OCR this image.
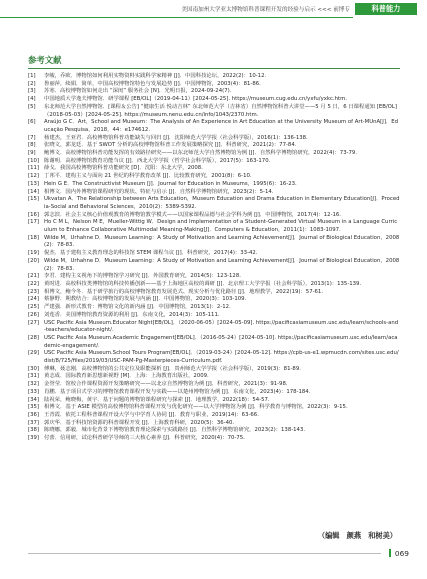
美国南加州大学亚太博物馆科普课程开发的经验与启示 <<< 前博专	科普能力
参考文献
[1] 李峻，乔欧．博物馆如何利用实物资料实践科学家精神 [J]．中国科技论坛，2022(2)：10-12.
[2] 鲁丽萍，续娟．简单，中国高校博物馆特色与发展趋势 [J]．中国博物馆，2003(4)：81-86.
[3] 苏寒．高校博物馆如何走出 “深闺” 服务社会 [N]．光明日报，2024-09-24(7).
[4] 中国地质大学逸夫博物馆．研学课程 [EB/OL]（2019-04-11）[2024-05-25]. https://museum.cug.edu.cn/yxfu/yxkc.htm.
[5] 东北师范大学自然博物馆．[课程＆公告] “健康生活 悦动吉林” 东北师范大学（吉林省）自然博物馆科普大讲堂——5 月 5 日，6 日课程通知 [EB/OL]（2018-05-03）[2024-05-25]. https://museum.nenu.edu.cn/info/1043/2370.htm.
[6] Araújo G C．Art，School and Museum：The Analysis of An Experience in Art Education at the University Museum of Art-MUnA[J]．Educação Pesquisa，2018，44：e174612.
[7] 杨建杰，王亚君．高校博物馆科普功能缺失与回归 [J]．沈阳师范大学学报（社会科学版），2016(1)：136-138.
[8] 张晓文，郭龙廷．基于 SWOT 分析的高校博物馆科普工作发展策略探究 [J]．科普研究，2021(2)：77-84.
[9] 鲍博文．高校博物馆科普功能发挥的有效路径研究——以东北师范大学自然博物馆为例 [J]．自然科学博物馆研究，2022(4)：73-79.
[10] 陈谢明．高校博物馆教育功能刍议 [J]．西北大学学报（哲学社会科学版），2017(5)：163-170.
[11] 薛戈．我国高校博物馆科普功能研究 [D]．沈阳：东北大学，2008.
[12] 丁邦平．建构主义与面向 21 世纪的科学教育改革 [J]．比较教育研究，2001(8)：6-10.
[13] Hein G E．The Constructivist Museum [J]．Journal for Education in Museums，1995(6)：16-23.
[14] 相博文．国内外博物馆课程研究的现状、特征与启示 [J]．自然科学博物馆研究，2023(2)：5-14.
[15] Ukvatan A．The Relationship between Arts Education，Museum Education and Drama Education in Elementary Education[J]．Procedia-Social and Behavioral Sciences，2010(2)：5389-5392.
[16] 郭志滨．社会主义核心价值观教育的博物馆教学模式——以国家课程品德与社会学科为例 [J]．中国博物馆，2017(4)：12-16.
[17] Ho C M L，Nelson M E，Mueller-Wittig W．Design and Implementation of a Student-Generated Virtual Museum in a Language Curriculum to Enhance Collaborative Multimodal Meaning-Making[J]．Computers & Education，2011(1)：1083-1097.
[18] Wilde M，Urhahne D．Museum Learning：A Study of Motivation and Learning Achievement[J]．Journal of Biological Education，2008(2)：78-83.
[19] 倪杰．基于建构主义教育理念的科技馆 STEM 课程刍议 [J]．科普研究，2017(4)：33-42.
[20] Wilde M，Urhahne D．Museum Learning：A Study of Motivation and Learning Achievement[J]．Journal of Biological Education，2008(2)：78-83.
[21] 李君．建构主义视角下的博物馆学习研究 [J]．外国教育研究，2014(5)：123-128.
[22] 黄时进．高校科技类博物馆的科技传播创新——基于上海地区高校的调研 [J]．北京理工大学学报（社会科学版），2013(1)：135-139.
[23] 相博文，鲍今冬．基于研学旅行的高校博物馆教育发展范式、现实分析与优化路径 [J]．地理教学，2022(19)：57-61.
[24] 蔡静野．期教结合：高校博物馆的发展与内涵 [J]．中国博物馆，2020(3)：103-109.
[25] 严建强．新形式教育：博物馆文化的新内涵 [J]．中国博物馆，2013(1)：2-12.
[26] 刘莲香．美国博物馆教育资源的利用 [J]．东南文化，2014(3)：105-111.
[27] USC Pacific Asia Museum.Educator Night[EB/OL]．（2020-06-05）[2024-05-09]. https://pacificasiamuseum.usc.edu/learn/schools-and-teachers/educator-night/.
[28] USC Pacific Asia Museum.Academic Engagement[EB/OL]．（2016-05-24）[2024-05-10]. https://pacificasiamuseum.usc.edu/learn/academic-engagement/.
[29] USC Pacific Asia Museum.School Tours Program[EB/OL]．（2019-03-24）[2024-05-12]. https://cpb-us-e1.wpmucdn.com/sites.usc.edu/dist/8/725/files/2019/03/USC-PAM-Pg-Masterpieces-Curriculum.pdf.
[30] 傅琳，聂志刚．高校博物馆的公共定位及职能探析 [J]．贵州师范大学学报（社会科学版），2019(3)：81-89.
[31] 黄志成．国际教育新思想新视野 [M]．上海：上海教育出版社，2009.
[32] 金誉莹．馆校合作课程资源开发策略研究——以北京自然博物馆为例 [J]．科普研究，2021(3)：91-98.
[33] 肖鹏．基于项目式学习的博物馆教育课程开发与实践——以楚州博物馆为例 [J]．东南文化，2023(4)：178-184.
[34] 陆祝荣，鲍晓梅，黄宇．基于问题的博物馆课程研究与探索 [J]．地理教学，2022(18)：54-57.
[35] 相博文．基于 ASIE 模型的高校博物馆科普课程开发与优化研究——以大学博物馆为例 [J]．科学教育与博物馆，2022(3)：9-15.
[36] 王青霞．依托工程科普课程开设大学与中学育人协同 [J]．教育与职业，2019(14)：63-66.
[37] 郭庆华．基于科技馆资源的科普课程开发 [J]．上海教育科研，2020(5)：36-40.
[38] 陈晓娜，郭毅．城市化背景下博物馆教育理论探索与实践路径 [J]．自然科学博物馆研究，2023(2)：138-143.
[39] 付蕾．信用研，试论科普研学导师的三大核心素养 [J]．科普研究，2020(4)：70-75.
（编辑　颜燕　和树美）
069
